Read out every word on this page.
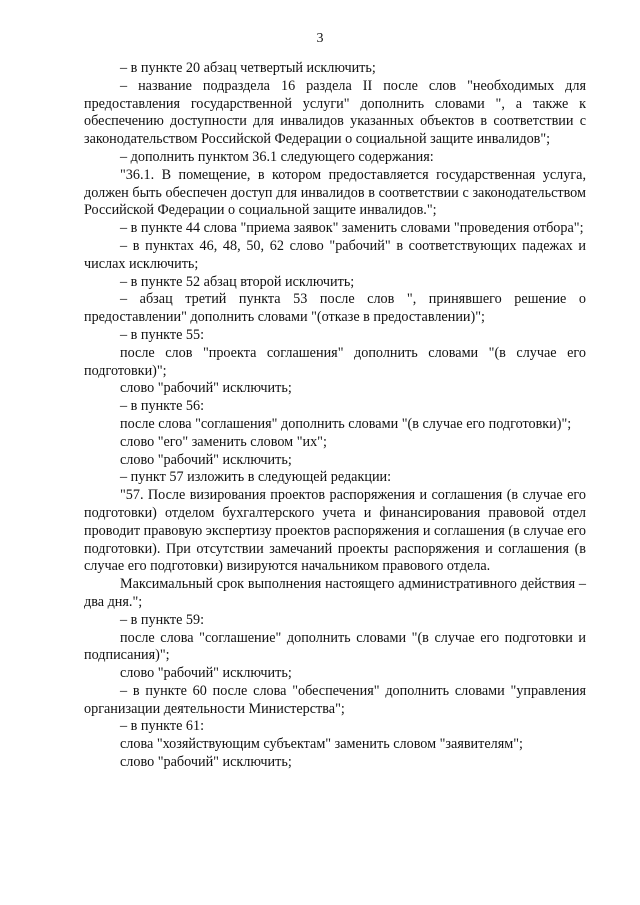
3

– в пункте 20 абзац четвертый исключить;

– название подраздела 16 раздела II после слов "необходимых для предоставления государственной услуги" дополнить словами ", а также к обеспечению доступности для инвалидов указанных объектов в соответствии с законодательством Российской Федерации о социальной защите инвалидов";

– дополнить пунктом 36.1 следующего содержания:

"36.1. В помещение, в котором предоставляется государственная услуга, должен быть обеспечен доступ для инвалидов в соответствии с законодательством Российской Федерации о социальной защите инвалидов.";

– в пункте 44 слова "приема заявок" заменить словами "проведения отбора";

– в пунктах 46, 48, 50, 62 слово "рабочий" в соответствующих падежах и числах исключить;

– в пункте 52 абзац второй исключить;

– абзац третий пункта 53 после слов ", принявшего решение о предоставлении" дополнить словами "(отказе в предоставлении)";

– в пункте 55:

после слов "проекта соглашения" дополнить словами "(в случае его подготовки)";

слово "рабочий" исключить;

– в пункте 56:

после слова "соглашения" дополнить словами "(в случае его подготовки)";

слово "его" заменить словом "их";

слово "рабочий" исключить;

– пункт 57 изложить в следующей редакции:

"57. После визирования проектов распоряжения и соглашения (в случае его подготовки) отделом бухгалтерского учета и финансирования правовой отдел проводит правовую экспертизу проектов распоряжения и соглашения (в случае его подготовки). При отсутствии замечаний проекты распоряжения и соглашения (в случае его подготовки) визируются начальником правового отдела.

Максимальный срок выполнения настоящего административного действия – два дня.";

– в пункте 59:

после слова "соглашение" дополнить словами "(в случае его подготовки и подписания)";

слово "рабочий" исключить;

– в пункте 60 после слова "обеспечения" дополнить словами "управления организации деятельности Министерства";

– в пункте 61:

слова "хозяйствующим субъектам" заменить словом "заявителям";

слово "рабочий" исключить;
